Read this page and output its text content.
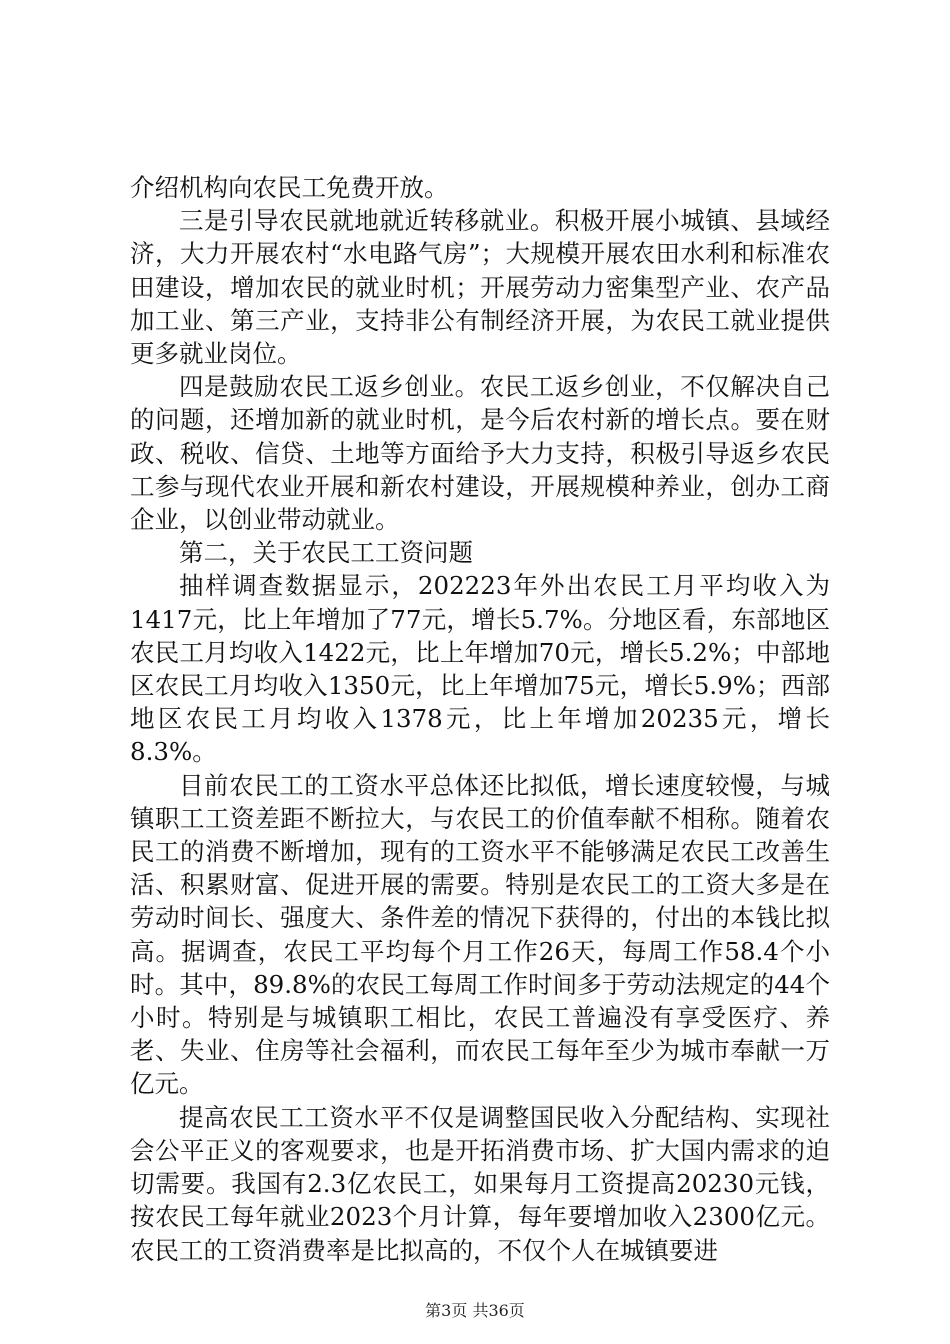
介绍机构向农民工免费开放。

三是引导农民就地就近转移就业。积极开展小城镇、县域经济，大力开展农村“水电路气房”；大规模开展农田水利和标准农田建设，增加农民的就业时机；开展劳动力密集型产业、农产品加工业、第三产业，支持非公有制经济开展，为农民工就业提供更多就业岗位。

四是鼓励农民工返乡创业。农民工返乡创业，不仅解决自己的问题，还增加新的就业时机，是今后农村新的增长点。要在财政、税收、信贷、土地等方面给予大力支持，积极引导返乡农民工参与现代农业开展和新农村建设，开展规模种养业，创办工商企业，以创业带动就业。

第二，关于农民工工资问题

抽样调查数据显示，202223年外出农民工月平均收入为1417元，比上年增加了77元，增长5.7%。分地区看，东部地区农民工月均收入1422元，比上年增加70元，增长5.2%；中部地区农民工月均收入1350元，比上年增加75元，增长5.9%；西部地区农民工月均收入1378元，比上年增加20235元，增长8.3%。

目前农民工的工资水平总体还比拟低，增长速度较慢，与城镇职工工资差距不断拉大，与农民工的价值奉献不相称。随着农民工的消费不断增加，现有的工资水平不能够满足农民工改善生活、积累财富、促进开展的需要。特别是农民工的工资大多是在劳动时间长、强度大、条件差的情况下获得的，付出的本钱比拟高。据调查，农民工平均每个月工作26天，每周工作58.4个小时。其中，89.8%的农民工每周工作时间多于劳动法规定的44个小时。特别是与城镇职工相比，农民工普遍没有享受医疗、养老、失业、住房等社会福利，而农民工每年至少为城市奉献一万亿元。

提高农民工工资水平不仅是调整国民收入分配结构、实现社会公平正义的客观要求，也是开拓消费市场、扩大国内需求的迫切需要。我国有2.3亿农民工，如果每月工资提高20230元钱，按农民工每年就业2023个月计算，每年要增加收入2300亿元。农民工的工资消费率是比拟高的，不仅个人在城镇要进

第3页 共36页
